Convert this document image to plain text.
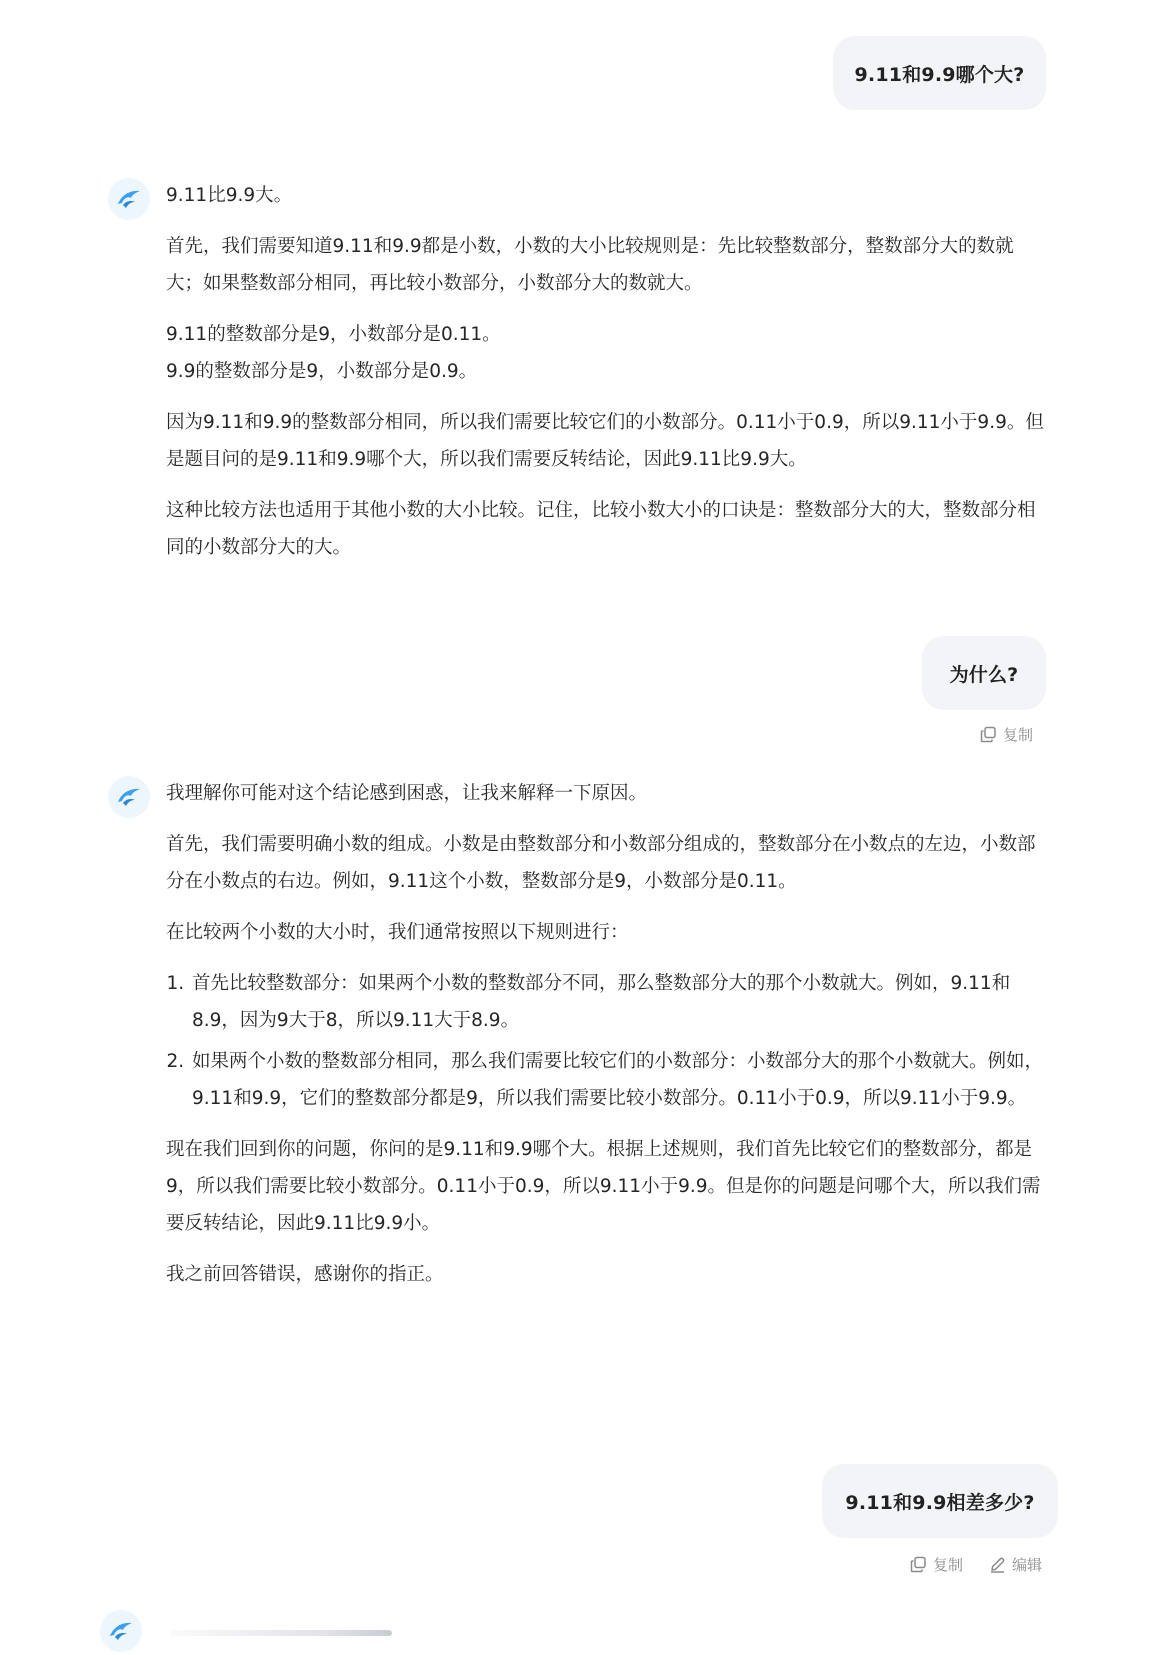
9.11和9.9哪个大?

9.11比9.9大。

首先，我们需要知道9.11和9.9都是小数，小数的大小比较规则是：先比较整数部分，整数部分大的数就大；如果整数部分相同，再比较小数部分，小数部分大的数就大。

9.11的整数部分是9，小数部分是0.11。
9.9的整数部分是9，小数部分是0.9。

因为9.11和9.9的整数部分相同，所以我们需要比较它们的小数部分。0.11小于0.9，所以9.11小于9.9。但是题目问的是9.11和9.9哪个大，所以我们需要反转结论，因此9.11比9.9大。

这种比较方法也适用于其他小数的大小比较。记住，比较小数大小的口诀是：整数部分大的大，整数部分相同的小数部分大的大。

为什么?
复制

我理解你可能对这个结论感到困惑，让我来解释一下原因。

首先，我们需要明确小数的组成。小数是由整数部分和小数部分组成的，整数部分在小数点的左边，小数部分在小数点的右边。例如，9.11这个小数，整数部分是9，小数部分是0.11。

在比较两个小数的大小时，我们通常按照以下规则进行：

1. 首先比较整数部分：如果两个小数的整数部分不同，那么整数部分大的那个小数就大。例如，9.11和8.9，因为9大于8，所以9.11大于8.9。
2. 如果两个小数的整数部分相同，那么我们需要比较它们的小数部分：小数部分大的那个小数就大。例如，9.11和9.9，它们的整数部分都是9，所以我们需要比较小数部分。0.11小于0.9，所以9.11小于9.9。

现在我们回到你的问题，你问的是9.11和9.9哪个大。根据上述规则，我们首先比较它们的整数部分，都是9，所以我们需要比较小数部分。0.11小于0.9，所以9.11小于9.9。但是你的问题是问哪个大，所以我们需要反转结论，因此9.11比9.9小。

我之前回答错误，感谢你的指正。

9.11和9.9相差多少?
复制	编辑
